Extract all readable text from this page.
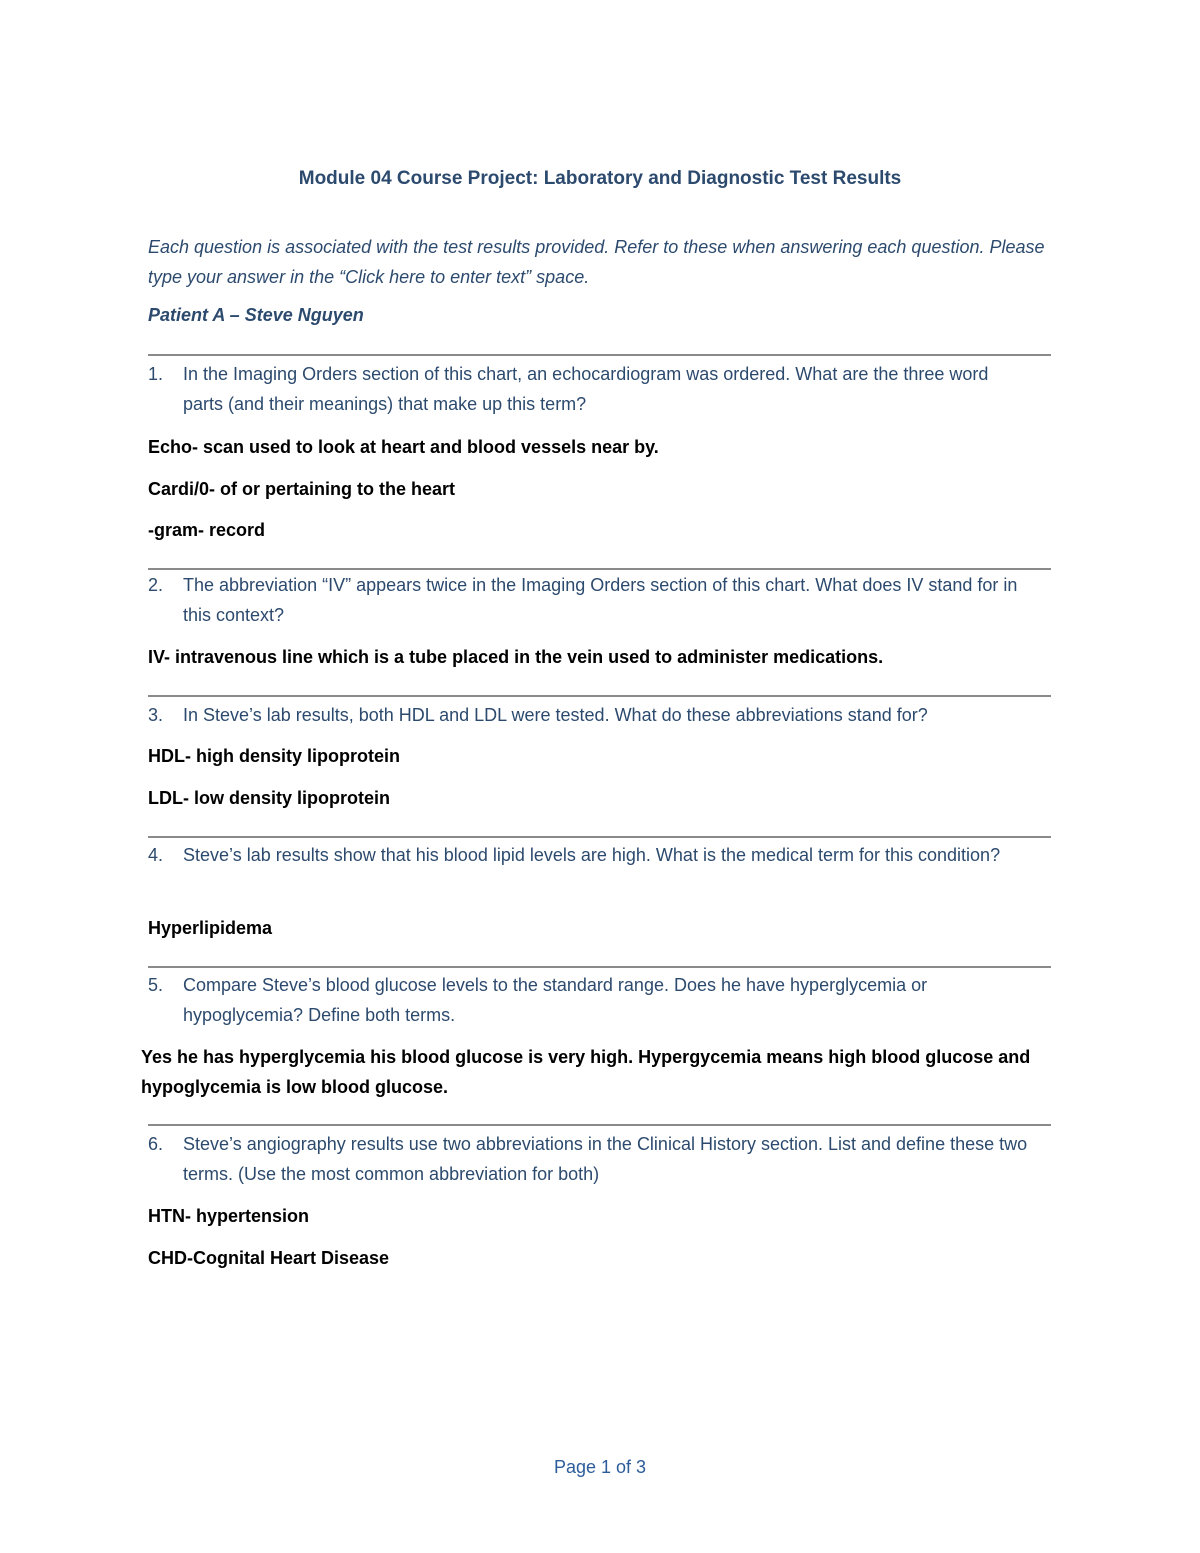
Module 04 Course Project: Laboratory and Diagnostic Test Results
Each question is associated with the test results provided. Refer to these when answering each question. Please type your answer in the “Click here to enter text” space.
Patient A – Steve Nguyen
1.	In the Imaging Orders section of this chart, an echocardiogram was ordered. What are the three word parts (and their meanings) that make up this term?
Echo- scan used to look at heart and blood vessels near by.
Cardi/0- of or pertaining to the heart
-gram- record
2.	The abbreviation “IV” appears twice in the Imaging Orders section of this chart. What does IV stand for in this context?
IV- intravenous line which is a tube placed in the vein used to administer medications.
3.	In Steve’s lab results, both HDL and LDL were tested. What do these abbreviations stand for?
HDL- high density lipoprotein
LDL- low density lipoprotein
4.	Steve’s lab results show that his blood lipid levels are high. What is the medical term for this condition?
Hyperlipidema
5.	Compare Steve’s blood glucose levels to the standard range. Does he have hyperglycemia or hypoglycemia? Define both terms.
Yes he has hyperglycemia his blood glucose is very high. Hypergycemia means high blood glucose and hypoglycemia is low blood glucose.
6.	Steve’s angiography results use two abbreviations in the Clinical History section. List and define these two terms. (Use the most common abbreviation for both)
HTN- hypertension
CHD-Cognital Heart Disease
Page 1 of 3
